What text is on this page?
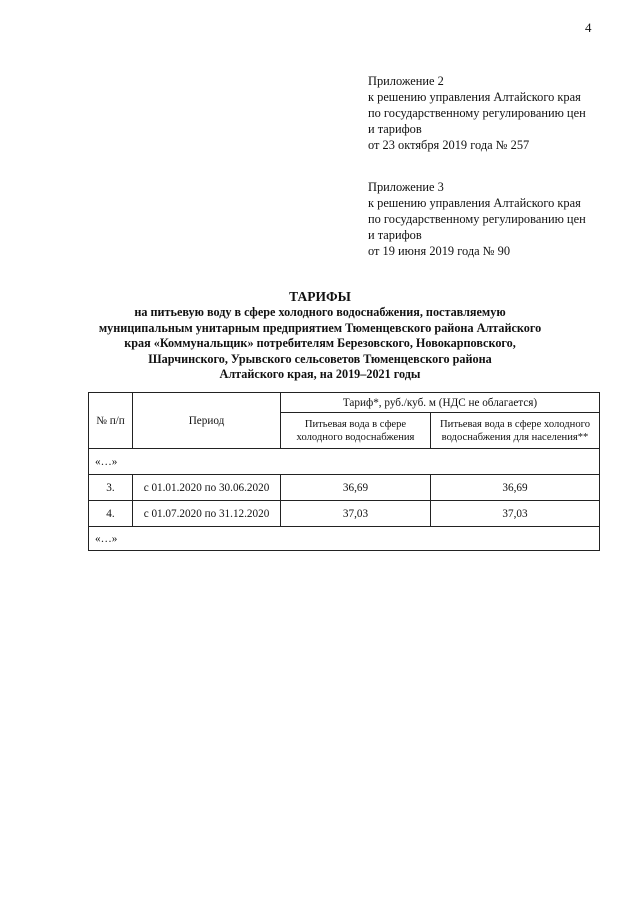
4
Приложение 2
к решению управления Алтайского края
по государственному регулированию цен
и тарифов
от 23 октября 2019 года № 257
Приложение 3
к решению управления Алтайского края
по государственному регулированию цен
и тарифов
от 19 июня 2019 года № 90
ТАРИФЫ
на питьевую воду в сфере холодного водоснабжения, поставляемую
муниципальным унитарным предприятием Тюменцевского района Алтайского
края «Коммунальщик» потребителям Березовского, Новокарповского,
Шарчинского, Урывского сельсоветов Тюменцевского района
Алтайского края, на 2019–2021 годы
№ п/п	Период	Тариф*, руб./куб. м (НДС не облагается)	
		Питьевая вода в сфере холодного водоснабжения	Питьевая вода в сфере холодного водоснабжения для населения**
«…»			
3.	с 01.01.2020 по 30.06.2020	36,69	36,69
4.	с 01.07.2020 по 31.12.2020	37,03	37,03
«…»			
